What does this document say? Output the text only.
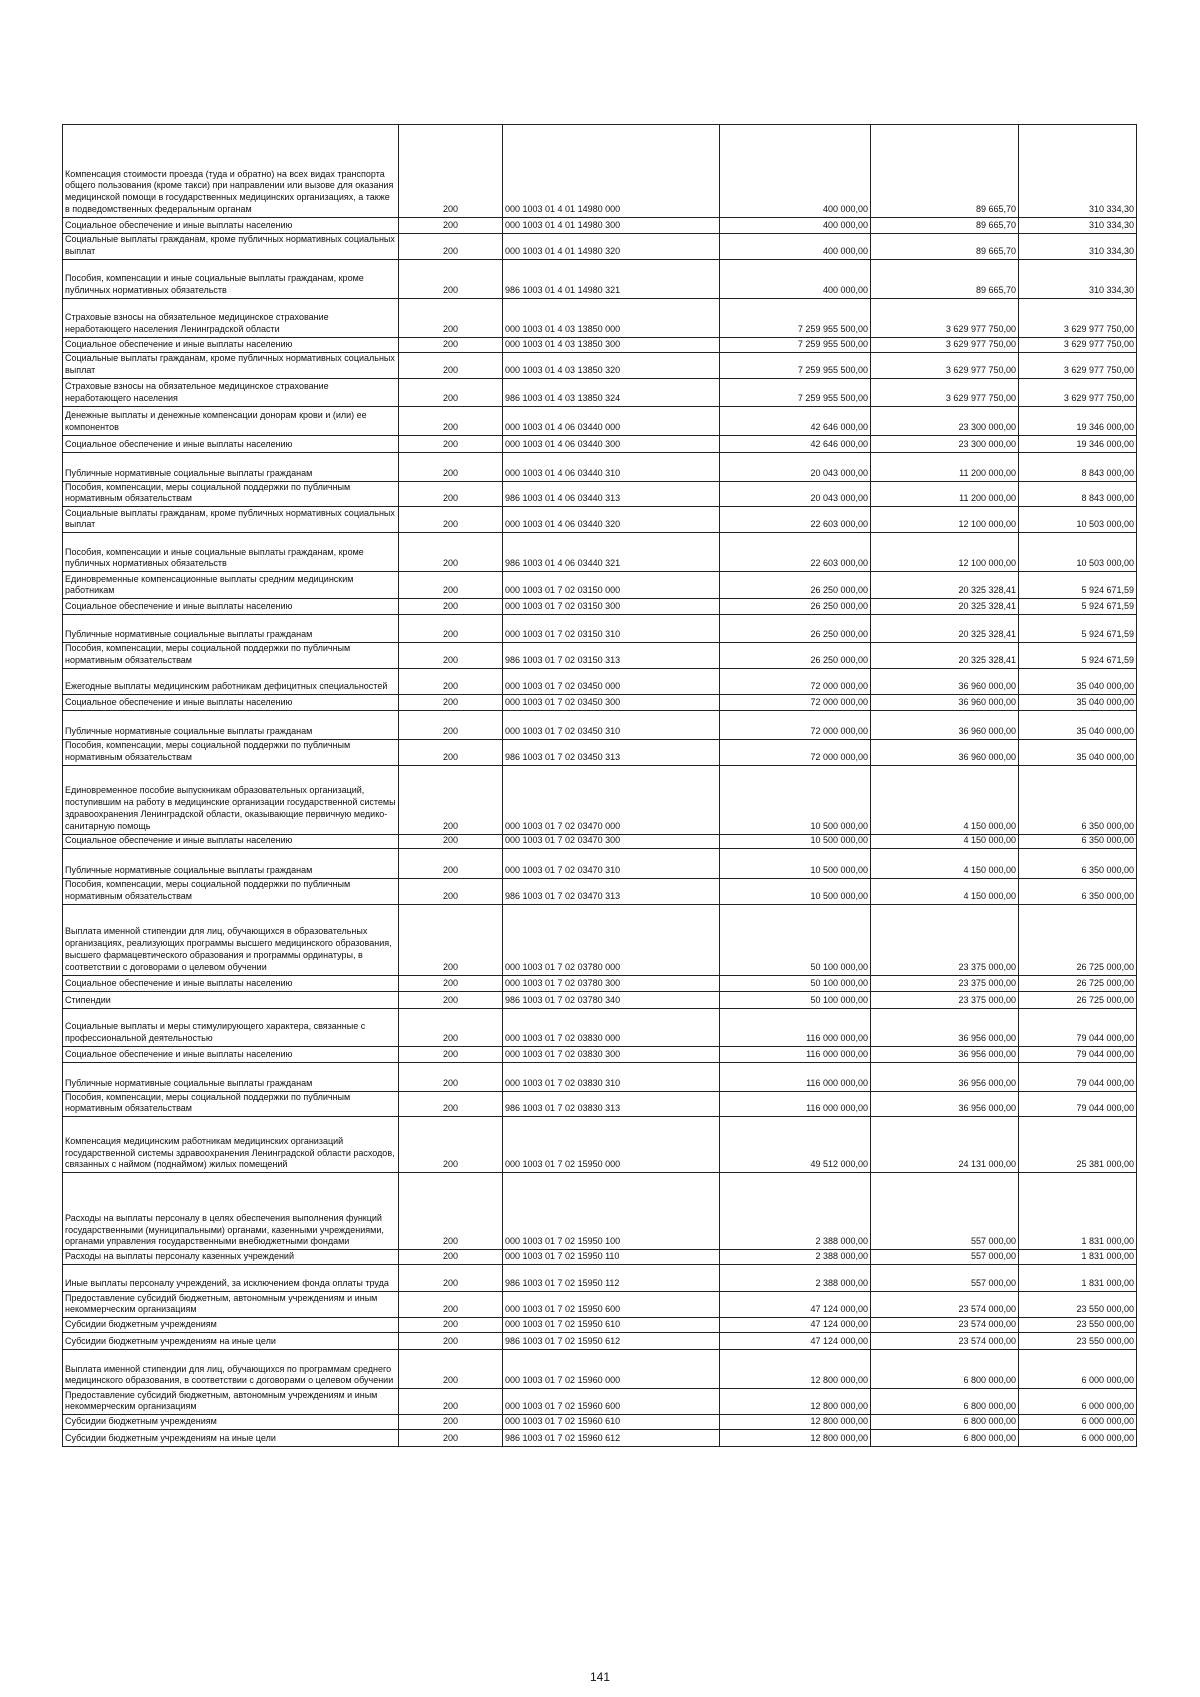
Компенсация стоимости проезда (туда и обратно) на всех видах транспорта общего пользования (кроме такси) при направлении или вызове для оказания медицинской помощи в государственных медицинских организациях, а также в подведомственных федеральным органам	200	000 1003 01 4 01 14980 000	400 000,00	89 665,70	310 334,30
Социальное обеспечение и иные выплаты населению	200	000 1003 01 4 01 14980 300	400 000,00	89 665,70	310 334,30
Социальные выплаты гражданам, кроме публичных нормативных социальных выплат	200	000 1003 01 4 01 14980 320	400 000,00	89 665,70	310 334,30
Пособия, компенсации и иные социальные выплаты гражданам, кроме публичных нормативных обязательств	200	986 1003 01 4 01 14980 321	400 000,00	89 665,70	310 334,30
Страховые взносы на обязательное медицинское страхование неработающего населения Ленинградской области	200	000 1003 01 4 03 13850 000	7 259 955 500,00	3 629 977 750,00	3 629 977 750,00
Социальное обеспечение и иные выплаты населению	200	000 1003 01 4 03 13850 300	7 259 955 500,00	3 629 977 750,00	3 629 977 750,00
Социальные выплаты гражданам, кроме публичных нормативных социальных выплат	200	000 1003 01 4 03 13850 320	7 259 955 500,00	3 629 977 750,00	3 629 977 750,00
Страховые взносы на обязательное медицинское страхование неработающего населения	200	986 1003 01 4 03 13850 324	7 259 955 500,00	3 629 977 750,00	3 629 977 750,00
Денежные выплаты и денежные компенсации донорам крови и (или) ее компонентов	200	000 1003 01 4 06 03440 000	42 646 000,00	23 300 000,00	19 346 000,00
Социальное обеспечение и иные выплаты населению	200	000 1003 01 4 06 03440 300	42 646 000,00	23 300 000,00	19 346 000,00
Публичные нормативные социальные выплаты гражданам	200	000 1003 01 4 06 03440 310	20 043 000,00	11 200 000,00	8 843 000,00
Пособия, компенсации, меры социальной поддержки по публичным нормативным обязательствам	200	986 1003 01 4 06 03440 313	20 043 000,00	11 200 000,00	8 843 000,00
Социальные выплаты гражданам, кроме публичных нормативных социальных выплат	200	000 1003 01 4 06 03440 320	22 603 000,00	12 100 000,00	10 503 000,00
Пособия, компенсации и иные социальные выплаты гражданам, кроме публичных нормативных обязательств	200	986 1003 01 4 06 03440 321	22 603 000,00	12 100 000,00	10 503 000,00
Единовременные компенсационные выплаты средним медицинским работникам	200	000 1003 01 7 02 03150 000	26 250 000,00	20 325 328,41	5 924 671,59
Социальное обеспечение и иные выплаты населению	200	000 1003 01 7 02 03150 300	26 250 000,00	20 325 328,41	5 924 671,59
Публичные нормативные социальные выплаты гражданам	200	000 1003 01 7 02 03150 310	26 250 000,00	20 325 328,41	5 924 671,59
Пособия, компенсации, меры социальной поддержки по публичным нормативным обязательствам	200	986 1003 01 7 02 03150 313	26 250 000,00	20 325 328,41	5 924 671,59
Ежегодные выплаты медицинским работникам дефицитных специальностей	200	000 1003 01 7 02 03450 000	72 000 000,00	36 960 000,00	35 040 000,00
Социальное обеспечение и иные выплаты населению	200	000 1003 01 7 02 03450 300	72 000 000,00	36 960 000,00	35 040 000,00
Публичные нормативные социальные выплаты гражданам	200	000 1003 01 7 02 03450 310	72 000 000,00	36 960 000,00	35 040 000,00
Пособия, компенсации, меры социальной поддержки по публичным нормативным обязательствам	200	986 1003 01 7 02 03450 313	72 000 000,00	36 960 000,00	35 040 000,00
Единовременное пособие выпускникам образовательных организаций, поступившим на работу в медицинские организации государственной системы здравоохранения Ленинградской области, оказывающие первичную медико-санитарную помощь	200	000 1003 01 7 02 03470 000	10 500 000,00	4 150 000,00	6 350 000,00
Социальное обеспечение и иные выплаты населению	200	000 1003 01 7 02 03470 300	10 500 000,00	4 150 000,00	6 350 000,00
Публичные нормативные социальные выплаты гражданам	200	000 1003 01 7 02 03470 310	10 500 000,00	4 150 000,00	6 350 000,00
Пособия, компенсации, меры социальной поддержки по публичным нормативным обязательствам	200	986 1003 01 7 02 03470 313	10 500 000,00	4 150 000,00	6 350 000,00
Выплата именной стипендии для лиц, обучающихся в образовательных организациях, реализующих программы высшего медицинского образования, высшего фармацевтического образования и программы ординатуры, в соответствии с договорами о целевом обучении	200	000 1003 01 7 02 03780 000	50 100 000,00	23 375 000,00	26 725 000,00
Социальное обеспечение и иные выплаты населению	200	000 1003 01 7 02 03780 300	50 100 000,00	23 375 000,00	26 725 000,00
Стипендии	200	986 1003 01 7 02 03780 340	50 100 000,00	23 375 000,00	26 725 000,00
Социальные выплаты и меры стимулирующего характера, связанные с профессиональной деятельностью	200	000 1003 01 7 02 03830 000	116 000 000,00	36 956 000,00	79 044 000,00
Социальное обеспечение и иные выплаты населению	200	000 1003 01 7 02 03830 300	116 000 000,00	36 956 000,00	79 044 000,00
Публичные нормативные социальные выплаты гражданам	200	000 1003 01 7 02 03830 310	116 000 000,00	36 956 000,00	79 044 000,00
Пособия, компенсации, меры социальной поддержки по публичным нормативным обязательствам	200	986 1003 01 7 02 03830 313	116 000 000,00	36 956 000,00	79 044 000,00
Компенсация медицинским работникам медицинских организаций государственной системы здравоохранения Ленинградской области расходов, связанных с наймом (поднаймом) жилых помещений	200	000 1003 01 7 02 15950 000	49 512 000,00	24 131 000,00	25 381 000,00
Расходы на выплаты персоналу в целях обеспечения выполнения функций государственными (муниципальными) органами, казенными учреждениями, органами управления государственными внебюджетными фондами	200	000 1003 01 7 02 15950 100	2 388 000,00	557 000,00	1 831 000,00
Расходы на выплаты персоналу казенных учреждений	200	000 1003 01 7 02 15950 110	2 388 000,00	557 000,00	1 831 000,00
Иные выплаты персоналу учреждений, за исключением фонда оплаты труда	200	986 1003 01 7 02 15950 112	2 388 000,00	557 000,00	1 831 000,00
Предоставление субсидий бюджетным, автономным учреждениям и иным некоммерческим организациям	200	000 1003 01 7 02 15950 600	47 124 000,00	23 574 000,00	23 550 000,00
Субсидии бюджетным учреждениям	200	000 1003 01 7 02 15950 610	47 124 000,00	23 574 000,00	23 550 000,00
Субсидии бюджетным учреждениям на иные цели	200	986 1003 01 7 02 15950 612	47 124 000,00	23 574 000,00	23 550 000,00
Выплата именной стипендии для лиц, обучающихся по программам среднего медицинского образования, в соответствии с договорами о целевом обучении	200	000 1003 01 7 02 15960 000	12 800 000,00	6 800 000,00	6 000 000,00
Предоставление субсидий бюджетным, автономным учреждениям и иным некоммерческим организациям	200	000 1003 01 7 02 15960 600	12 800 000,00	6 800 000,00	6 000 000,00
Субсидии бюджетным учреждениям	200	000 1003 01 7 02 15960 610	12 800 000,00	6 800 000,00	6 000 000,00
Субсидии бюджетным учреждениям на иные цели	200	986 1003 01 7 02 15960 612	12 800 000,00	6 800 000,00	6 000 000,00
141
